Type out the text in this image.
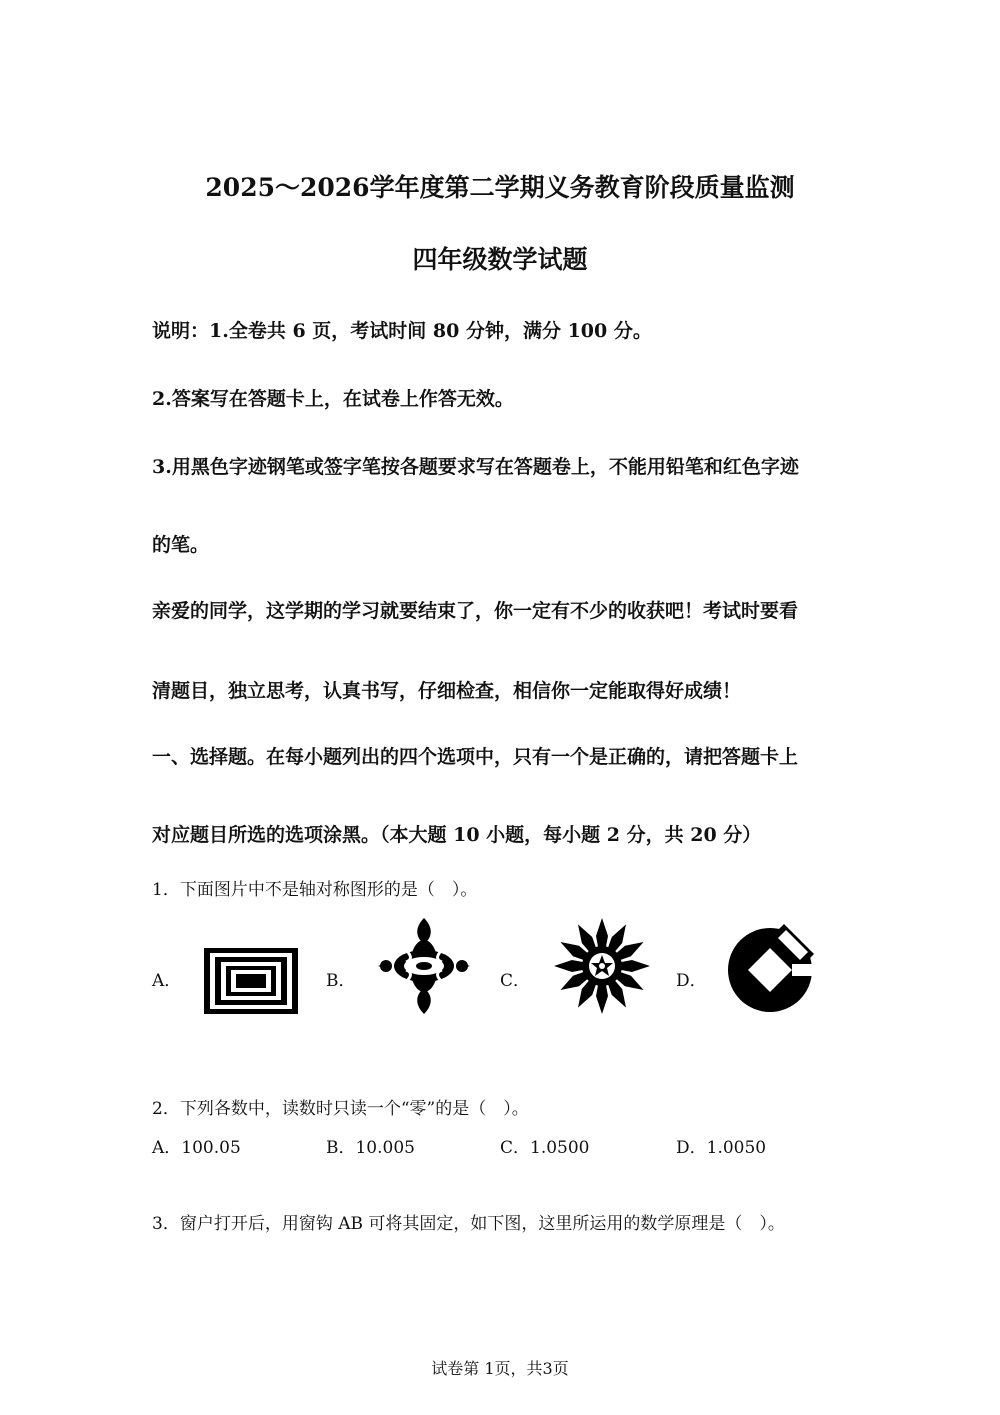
2025～2026学年度第二学期义务教育阶段质量监测
四年级数学试题
说明：1.全卷共 6 页，考试时间 80 分钟，满分 100 分。
2.答案写在答题卡上，在试卷上作答无效。
3.用黑色字迹钢笔或签字笔按各题要求写在答题卷上，不能用铅笔和红色字迹
的笔。
亲爱的同学，这学期的学习就要结束了，你一定有不少的收获吧！考试时要看
清题目，独立思考，认真书写，仔细检查，相信你一定能取得好成绩！
一、选择题。在每小题列出的四个选项中，只有一个是正确的，请把答题卡上
对应题目所选的选项涂黑。（本大题 10 小题，每小题 2 分，共 20 分）
1．下面图片中不是轴对称图形的是（　）。
A．	B．	C．	D．
2．下列各数中，读数时只读一个“零”的是（　）。
A．100.05	B．10.005	C．1.0500	D．1.0050
3．窗户打开后，用窗钩 AB 可将其固定，如下图，这里所运用的数学原理是（　）。
试卷第 1页，共3页
